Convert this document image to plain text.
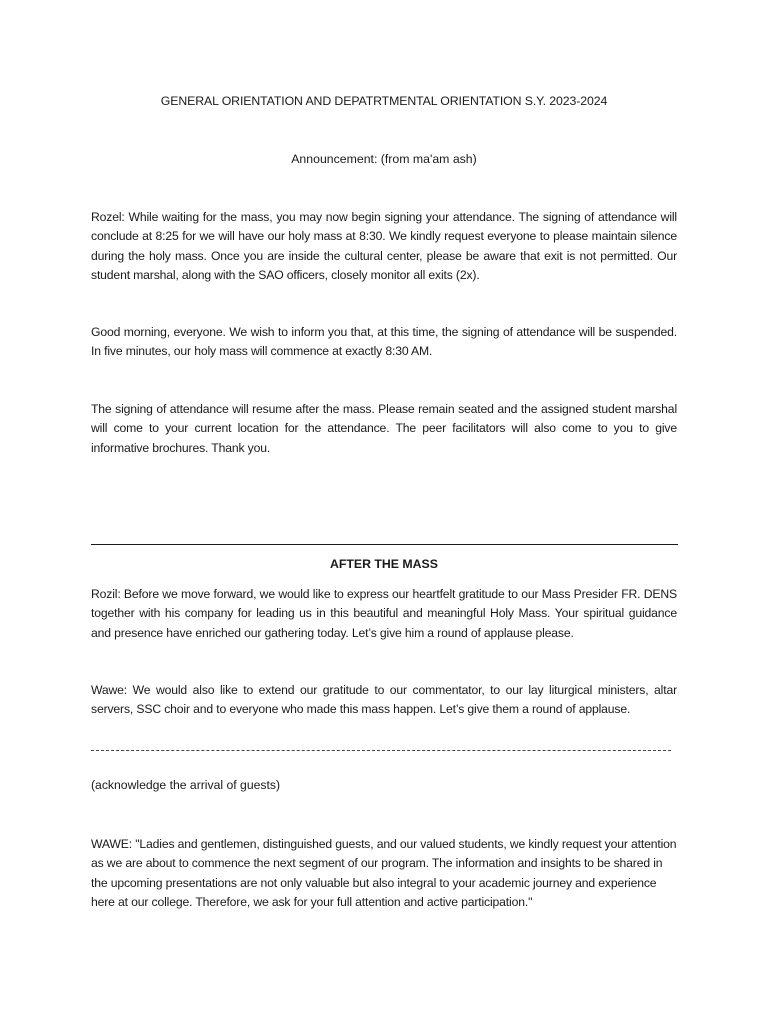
GENERAL ORIENTATION AND DEPATRTMENTAL ORIENTATION S.Y. 2023-2024
Announcement: (from ma'am ash)
Rozel: While waiting for the mass, you may now begin signing your attendance. The signing of attendance will conclude at 8:25 for we will have our holy mass at 8:30. We kindly request everyone to please maintain silence during the holy mass. Once you are inside the cultural center, please be aware that exit is not permitted. Our student marshal, along with the SAO officers, closely monitor all exits (2x).
Good morning, everyone. We wish to inform you that, at this time, the signing of attendance will be suspended. In five minutes, our holy mass will commence at exactly 8:30 AM.
The signing of attendance will resume after the mass. Please remain seated and the assigned student marshal will come to your current location for the attendance. The peer facilitators will also come to you to give informative brochures. Thank you.
AFTER THE MASS
Rozil: Before we move forward, we would like to express our heartfelt gratitude to our Mass Presider FR. DENS together with his company for leading us in this beautiful and meaningful Holy Mass. Your spiritual guidance and presence have enriched our gathering today. Let’s give him a round of applause please.
Wawe: We would also like to extend our gratitude to our commentator, to our lay liturgical ministers, altar servers, SSC choir and to everyone who made this mass happen. Let’s give them a round of applause.
(acknowledge the arrival of guests)
WAWE: "Ladies and gentlemen, distinguished guests, and our valued students, we kindly request your attention as we are about to commence the next segment of our program. The information and insights to be shared in the upcoming presentations are not only valuable but also integral to your academic journey and experience here at our college. Therefore, we ask for your full attention and active participation."
